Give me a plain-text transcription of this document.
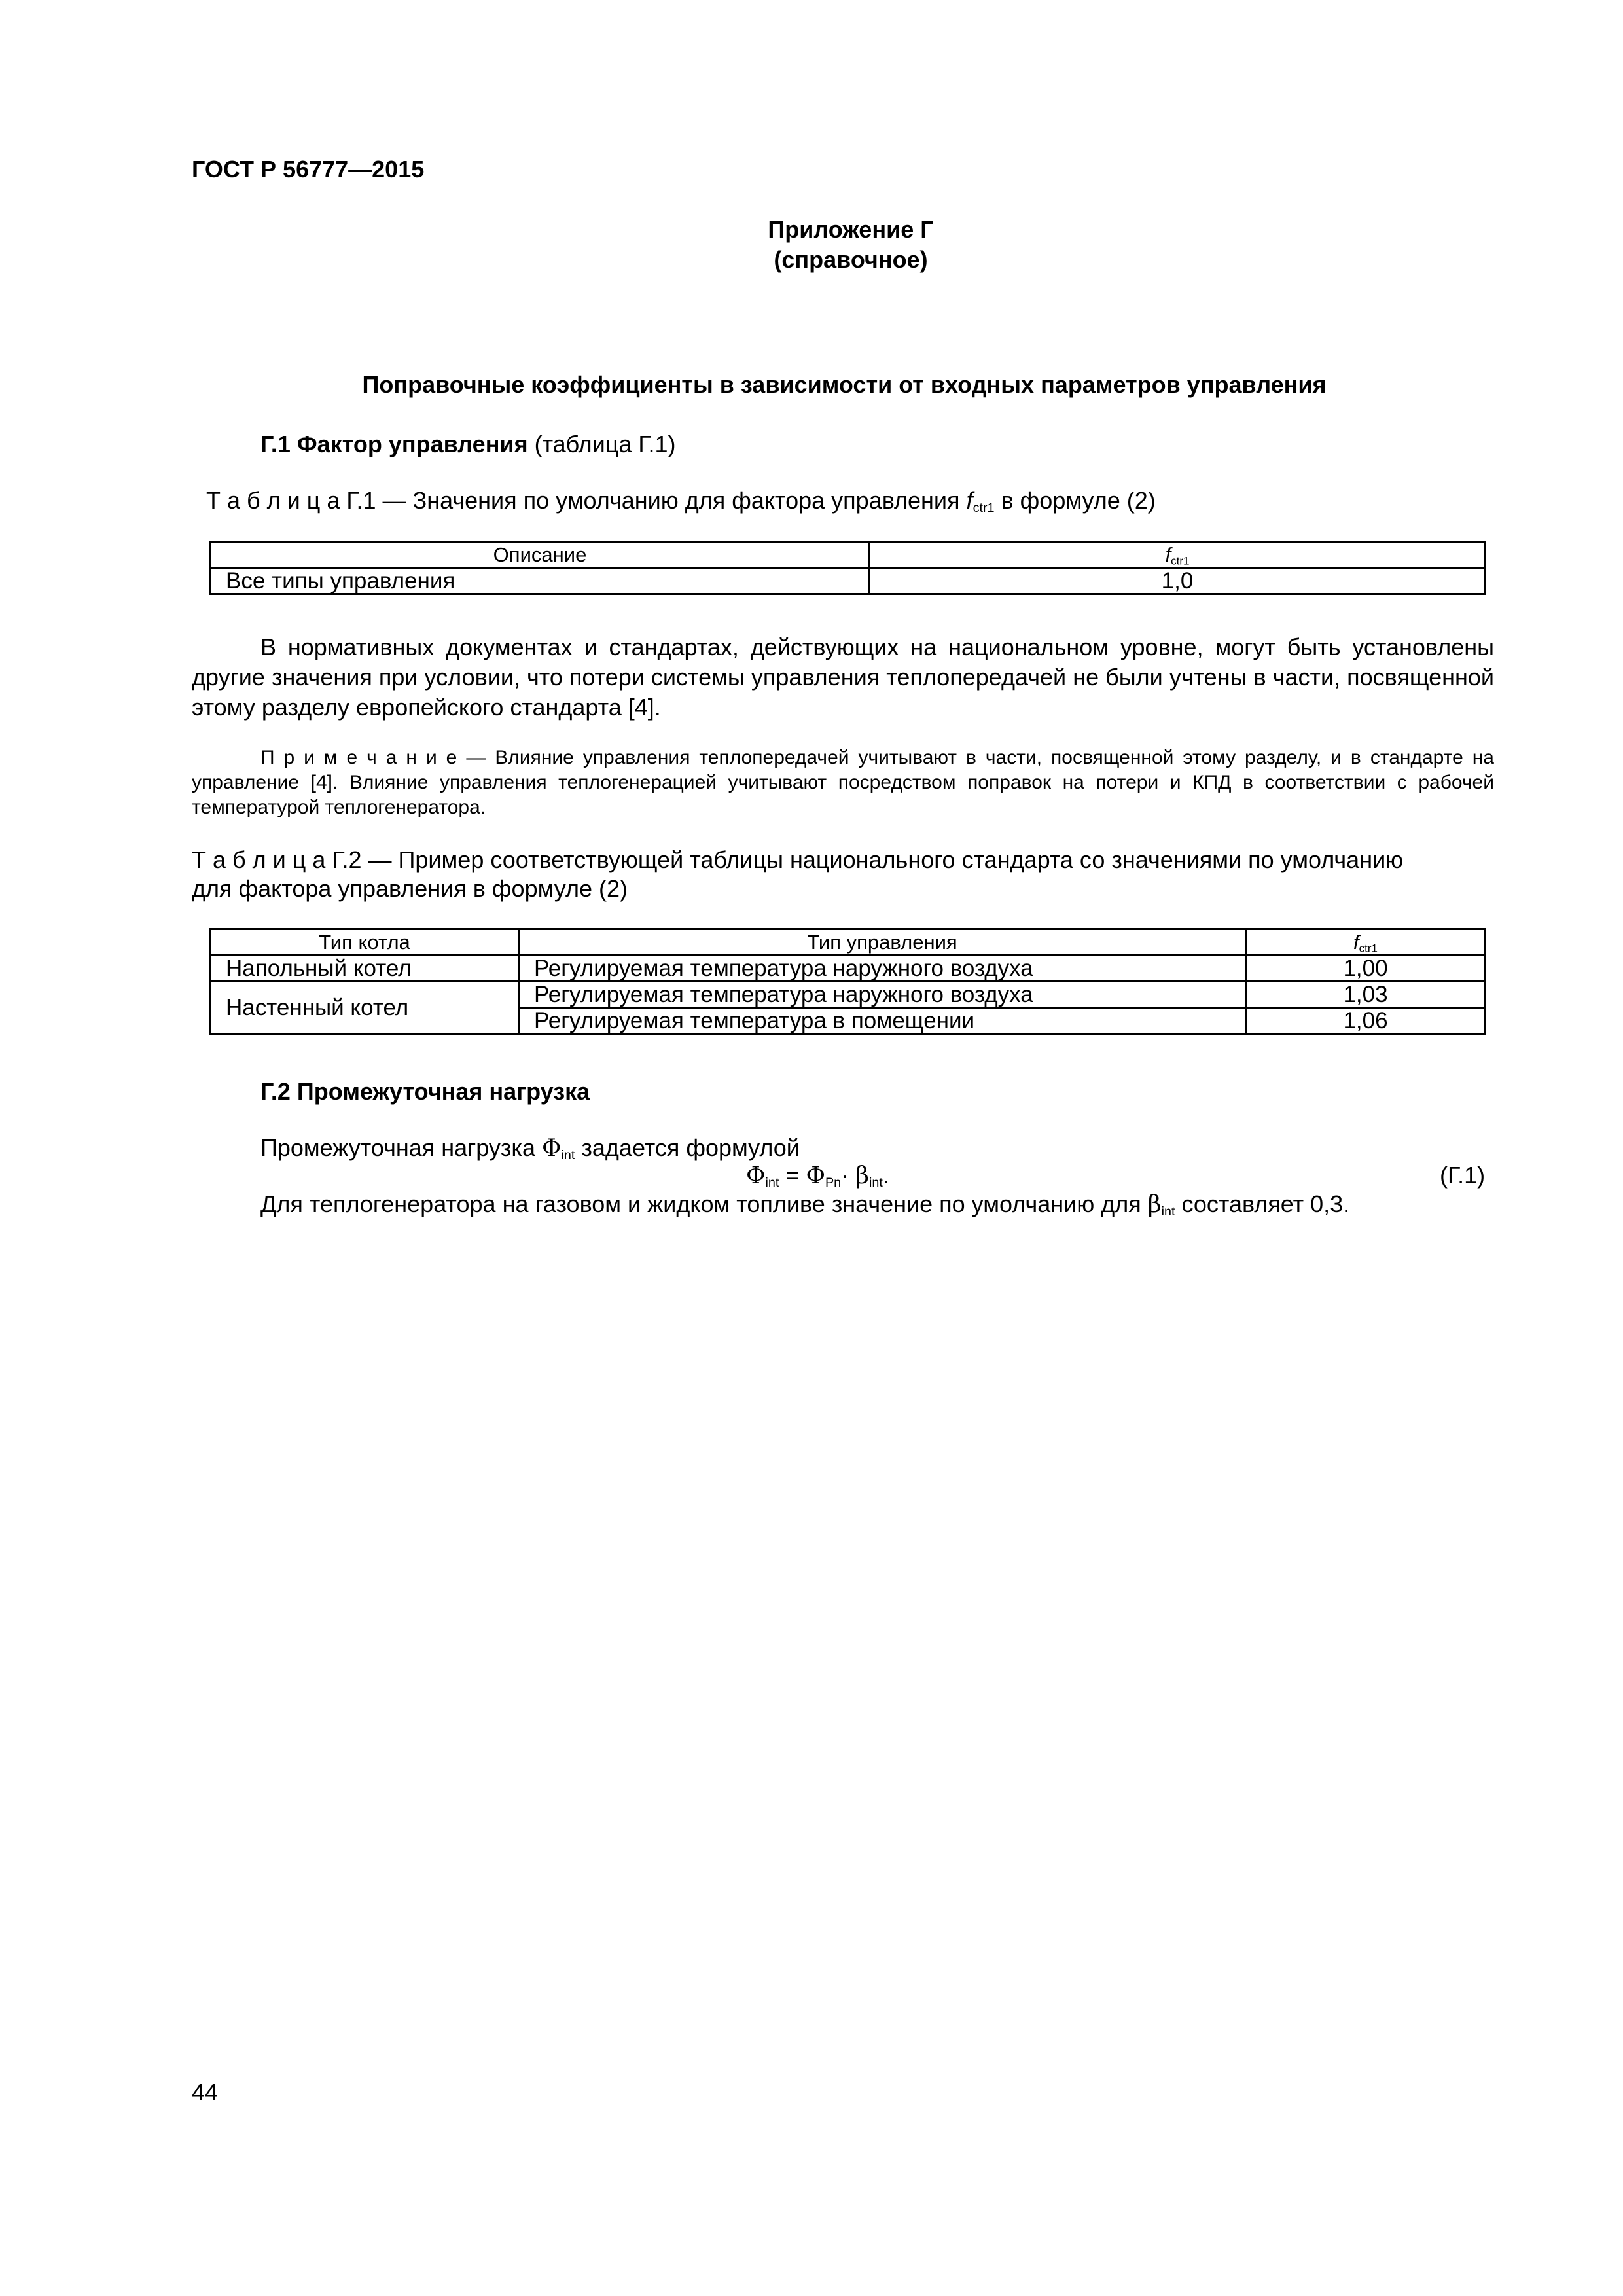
ГОСТ Р 56777—2015
Приложение Г
(справочное)
Поправочные коэффициенты в зависимости от входных параметров управления
Г.1 Фактор управления (таблица Г.1)
Т а б л и ц а Г.1 — Значения по умолчанию для фактора управления $f_{ctr1}$ в формуле (2)
Описание	$f_{ctr1}$
Все типы управления	1,0
В нормативных документах и стандартах, действующих на национальном уровне, могут быть установлены другие значения при условии, что потери системы управления теплопередачей не были учтены в части, посвященной этому разделу европейского стандарта [4].
П р и м е ч а н и е — Влияние управления теплопередачей учитывают в части, посвященной этому разделу, и в стандарте на управление [4]. Влияние управления теплогенерацией учитывают посредством поправок на потери и КПД в соответствии с рабочей температурой теплогенератора.
Т а б л и ц а Г.2 — Пример соответствующей таблицы национального стандарта со значениями по умолчанию
для фактора управления в формуле (2)
Тип котла	Тип управления	$f_{ctr1}$
Напольный котел	Регулируемая температура наружного воздуха	1,00
Настенный котел	Регулируемая температура наружного воздуха	1,03
	Регулируемая температура в помещении	1,06
Г.2 Промежуточная нагрузка
Промежуточная нагрузка $\Phi_{int}$ задается формулой
$\Phi_{int} = \Phi_{Pn}\cdot \beta_{int}$.	(Г.1)
Для теплогенератора на газовом и жидком топливе значение по умолчанию для $\beta_{int}$ составляет 0,3.
44
